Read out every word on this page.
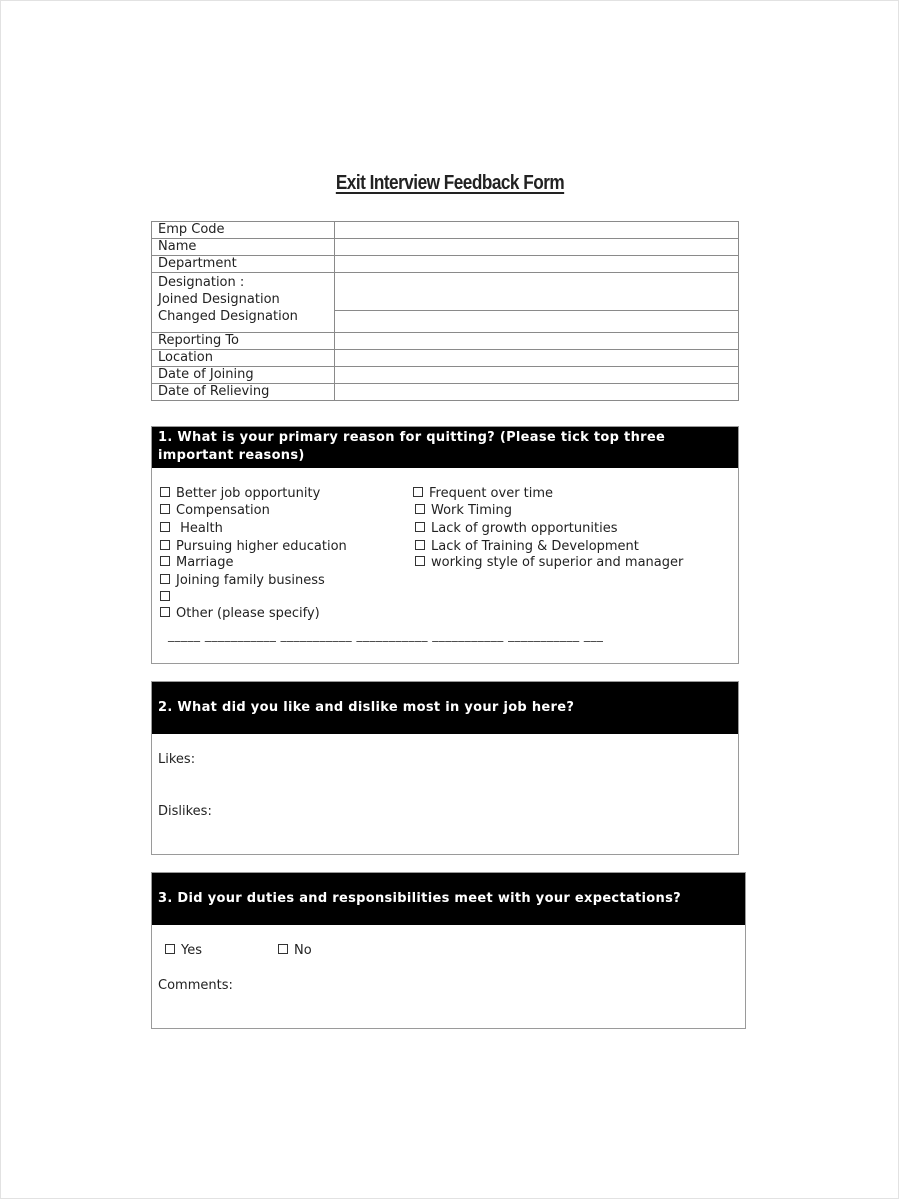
Exit Interview Feedback Form
Emp Code	
Name	
Department	

Designation :
Joined Designation
Changed Designation	

Reporting To	
Location	
Date of Joining	
Date of Relieving	
1. What is your primary reason for quitting? (Please tick top three
important reasons)
Better job opportunity
Compensation
Health
Pursuing higher education
Marriage
Joining family business
Other (please specify)
Frequent over time
Work Timing
Lack of growth opportunities
Lack of Training & Development
working style of superior and manager
_____ ___________ ___________ ___________ ___________ ___________ ___
2. What did you like and dislike most in your job here?
Likes:
Dislikes:
3. Did your duties and responsibilities meet with your expectations?
Yes	No
Comments:
